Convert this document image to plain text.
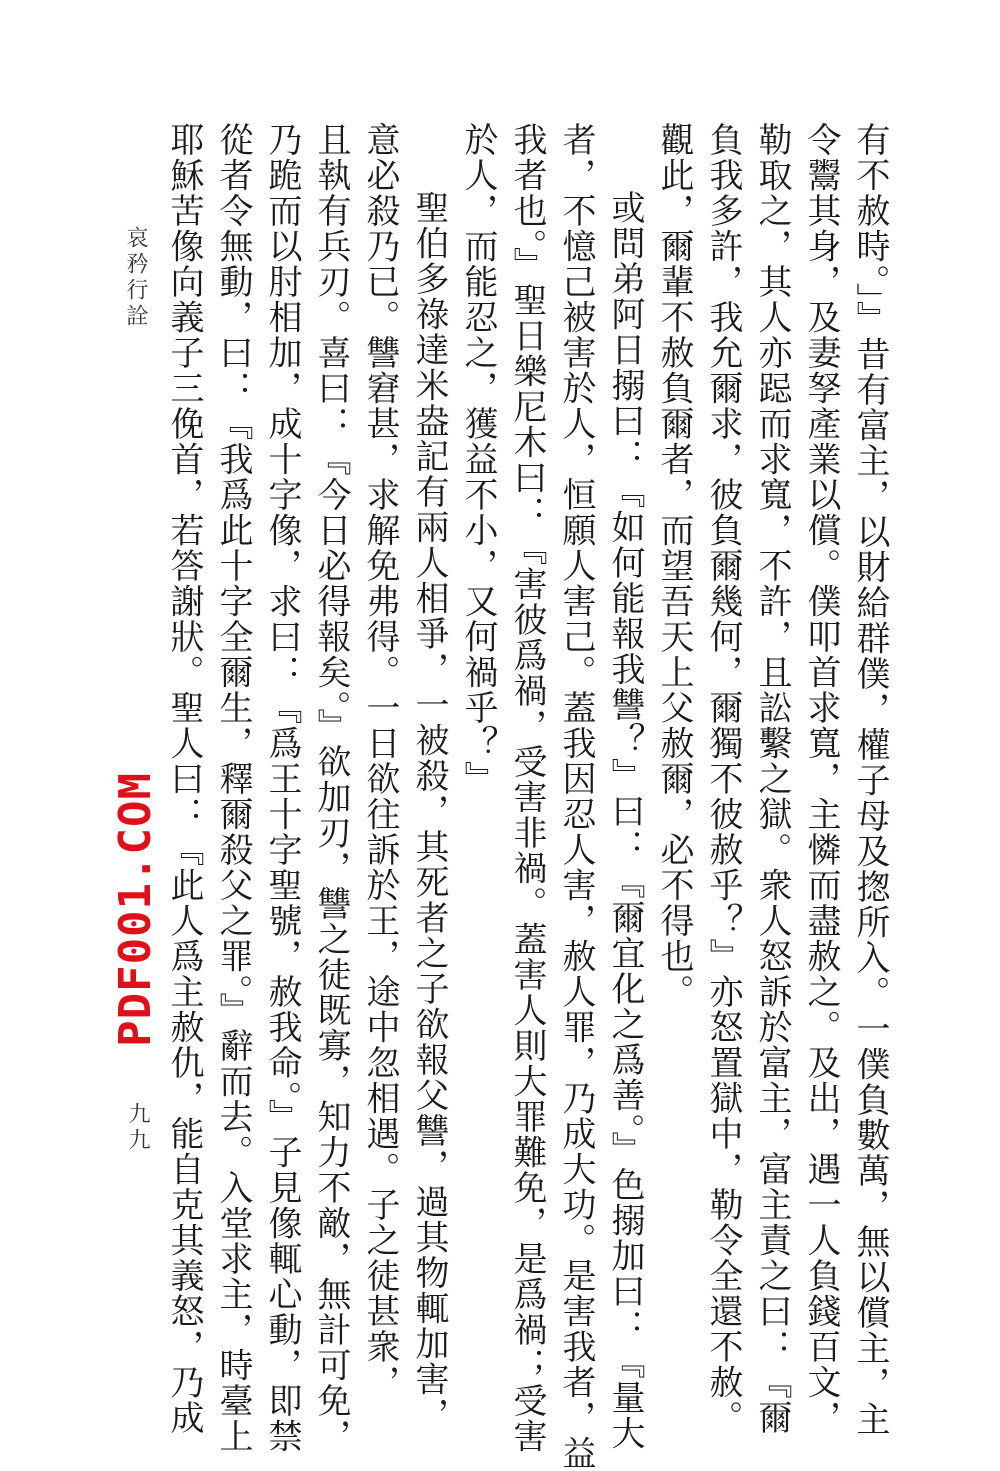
有不赦時。」』昔有富主，以財給群僕，權子母及揔所入。一僕負數萬，無以償主，主
令鬻其身，及妻孥產業以償。僕叩首求寬，主憐而盡赦之。及出，遇一人負錢百文，
勒取之，其人亦跽而求寬，不許，且訟繫之獄。衆人怒訴於富主，富主責之曰：『爾
負我多許，我允爾求，彼負爾幾何，爾獨不彼赦乎？』亦怒置獄中，勒令全還不赦。
觀此，爾輩不赦負爾者，而望吾天上父赦爾，必不得也。
或問弟阿日搦曰：『如何能報我讐？』曰：『爾宜化之爲善。』色搦加曰：『量大
者，不憶己被害於人，恒願人害己。蓋我因忍人害，赦人罪，乃成大功。是害我者，益
我者也。』聖日樂尼木曰：『害彼爲禍，受害非禍。蓋害人則大罪難免，是爲禍；受害
於人，而能忍之，獲益不小，又何禍乎？』
聖伯多祿達米盎記有兩人相爭，一被殺，其死者之子欲報父讐，過其物輒加害，
意必殺乃已。讐窘甚，求解免弗得。一日欲往訴於王，途中忽相遇。子之徒甚衆，
且執有兵刃。喜曰：『今日必得報矣。』欲加刃，讐之徒既寡，知力不敵，無計可免，
乃跪而以肘相加，成十字像，求曰：『爲王十字聖號，赦我命。』子見像輒心動，即禁
從者令無動，曰：『我爲此十字全爾生，釋爾殺父之罪。』辭而去。入堂求主，時臺上
耶穌苦像向義子三俛首，若答謝狀。聖人曰：『此人爲主赦仇，能自克其義怒，乃成
哀矜行詮
PDF001.COM
九九
